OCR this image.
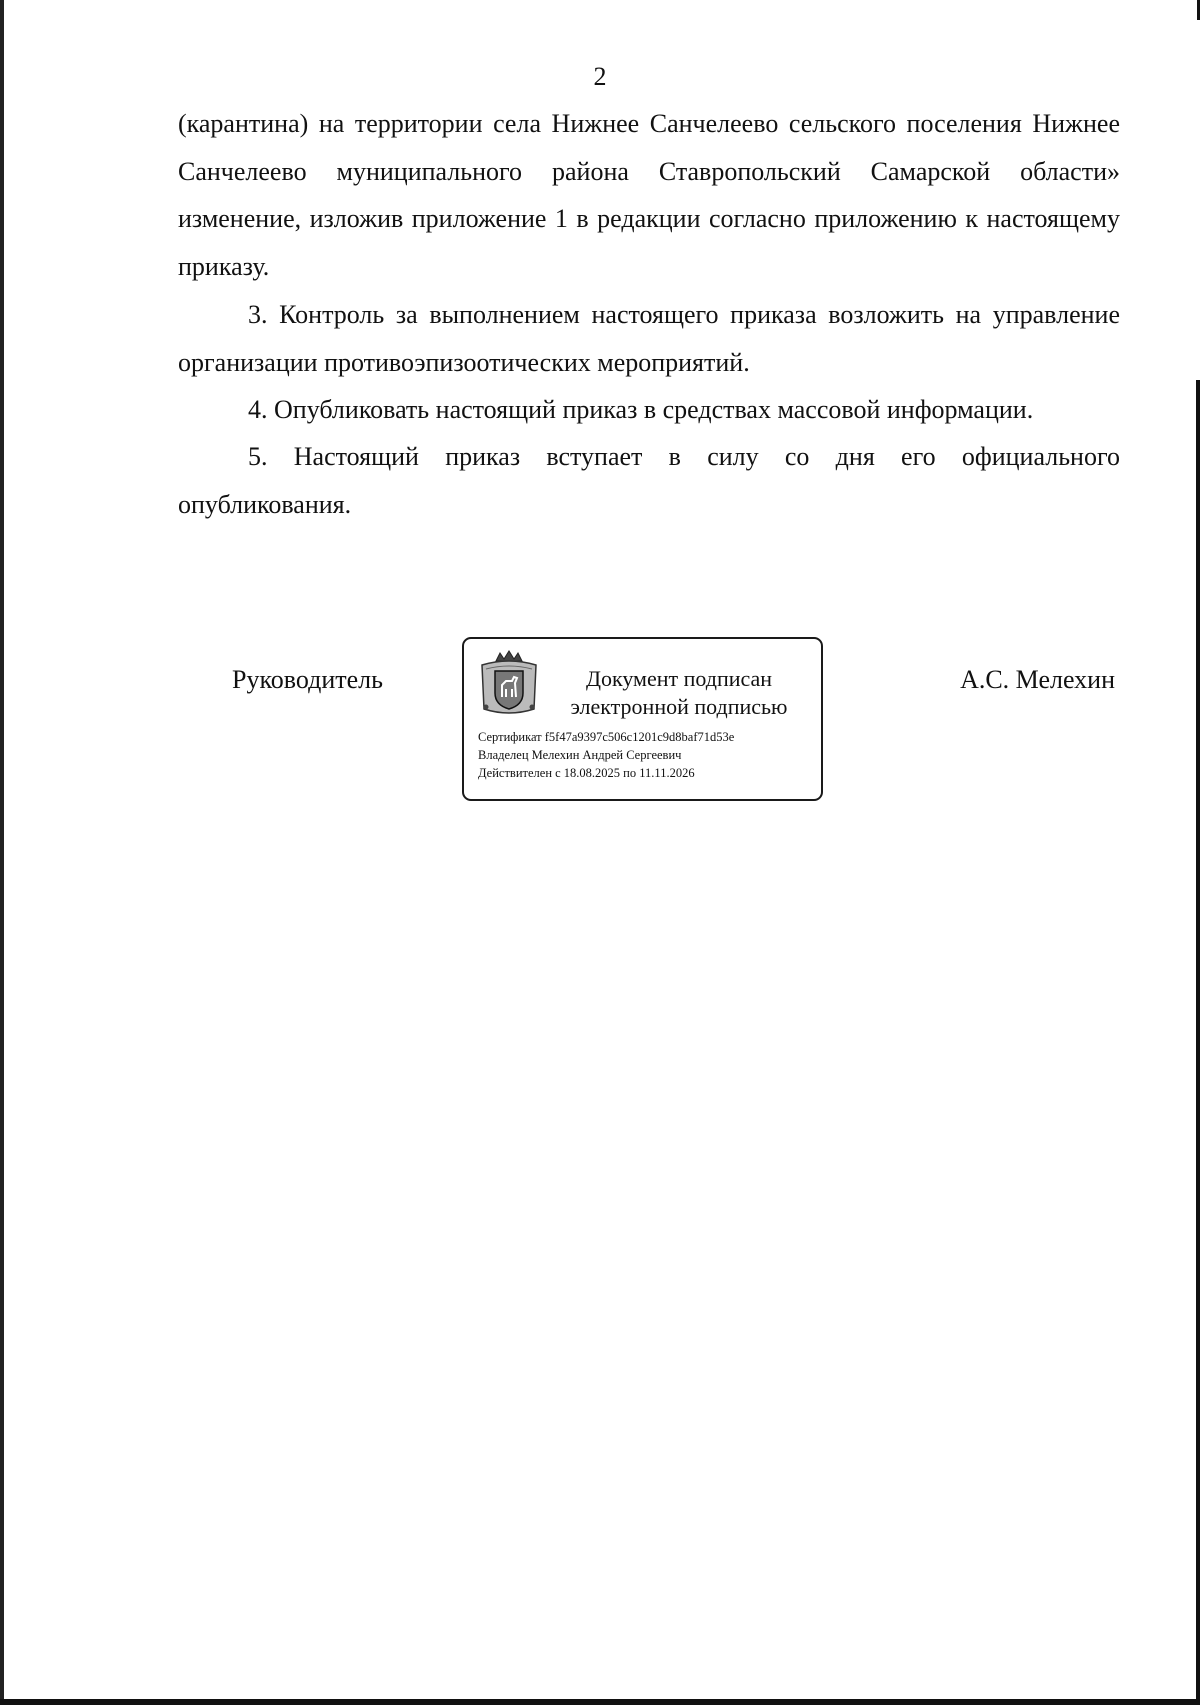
2
(карантина) на территории села Нижнее Санчелеево сельского поселения Нижнее Санчелеево муниципального района Ставропольский Самарской области» изменение, изложив приложение 1 в редакции согласно приложению к настоящему приказу.
3. Контроль за выполнением настоящего приказа возложить на управление организации противоэпизоотических мероприятий.
4. Опубликовать настоящий приказ в средствах массовой информации.
5. Настоящий приказ вступает в силу со дня его официального опубликования.
Руководитель	А.С. Мелехин
Документ подписан
электронной подписью
Сертификат f5f47a9397c506c1201c9d8baf71d53e
Владелец Мелехин Андрей Сергеевич
Действителен с 18.08.2025 по 11.11.2026
